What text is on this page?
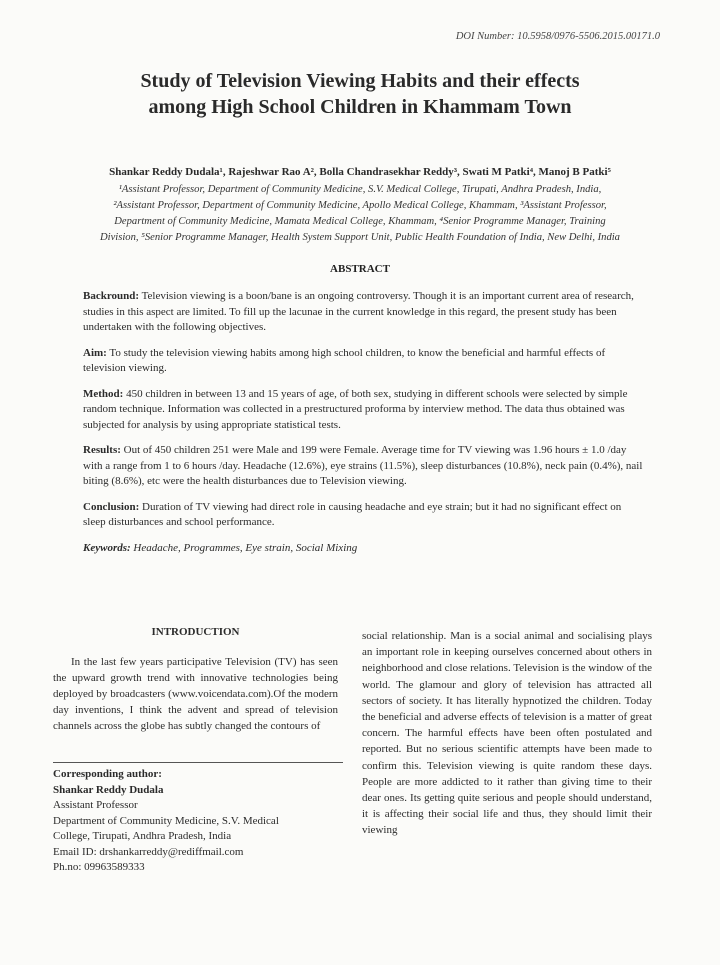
DOI Number: 10.5958/0976-5506.2015.00171.0
Study of Television Viewing Habits and their effects
among High School Children in Khammam Town
Shankar Reddy Dudala¹, Rajeshwar Rao A², Bolla Chandrasekhar Reddy³, Swati M Patki⁴, Manoj B Patki⁵
¹Assistant Professor, Department of Community Medicine, S.V. Medical College, Tirupati, Andhra Pradesh, India,
²Assistant Professor, Department of Community Medicine, Apollo Medical College, Khammam, ³Assistant Professor,
Department of Community Medicine, Mamata Medical College, Khammam, ⁴Senior Programme Manager, Training
Division, ⁵Senior Programme Manager, Health System Support Unit, Public Health Foundation of India, New Delhi, India
ABSTRACT

Backround: Television viewing is a boon/bane is an ongoing controversy. Though it is an important current area of research, studies in this aspect are limited. To fill up the lacunae in the current knowledge in this regard, the present study has been undertaken with the following objectives.

Aim: To study the television viewing habits among high school children, to know the beneficial and harmful effects of television viewing.

Method: 450 children in between 13 and 15 years of age, of both sex, studying in different schools were selected by simple random technique. Information was collected in a prestructured proforma by interview method. The data thus obtained was subjected for analysis by using appropriate statistical tests.

Results: Out of 450 children 251 were Male and 199 were Female. Average time for TV viewing was 1.96 hours ± 1.0 /day with a range from 1 to 6 hours /day. Headache (12.6%), eye strains (11.5%), sleep disturbances (10.8%), neck pain (0.4%), nail biting (8.6%), etc were the health disturbances due to Television viewing.

Conclusion: Duration of TV viewing had direct role in causing headache and eye strain; but it had no significant effect on sleep disturbances and school performance.

Keywords: Headache, Programmes, Eye strain, Social Mixing

INTRODUCTION

In the last few years participative Television (TV) has seen the upward growth trend with innovative technologies being deployed by broadcasters (www.voicendata.com).Of the modern day inventions, I think the advent and spread of television channels across the globe has subtly changed the contours of

Corresponding author:
Shankar Reddy Dudala
Assistant Professor
Department of Community Medicine, S.V. Medical
College, Tirupati, Andhra Pradesh, India
Email ID: drshankarreddy@rediffmail.com
Ph.no: 09963589333

social relationship. Man is a social animal and socialising plays an important role in keeping ourselves concerned about others in neighborhood and close relations. Television is the window of the world. The glamour and glory of television has attracted all sectors of society. It has literally hypnotized the children. Today the beneficial and adverse effects of television is a matter of great concern. The harmful effects have been often postulated and reported. But no serious scientific attempts have been made to confirm this. Television viewing is quite random these days. People are more addicted to it rather than giving time to their dear ones. Its getting quite serious and people should understand, it is affecting their social life and thus, they should limit their viewing
